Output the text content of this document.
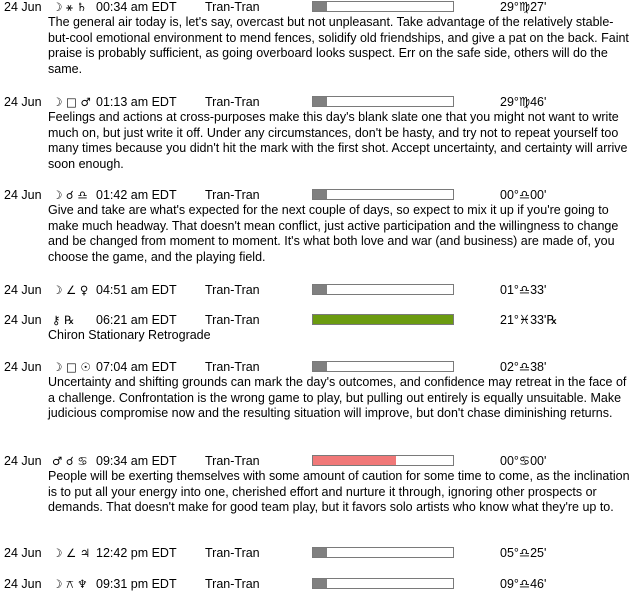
24 Jun ☽ ⚹ ♄ 00:34 am EDT Tran-Tran	29°♍27'
The general air today is, let's say, overcast but not unpleasant. Take advantage of the relatively stable-but-cool emotional environment to mend fences, solidify old friendships, and give a pat on the back. Faint praise is probably sufficient, as going overboard looks suspect. Err on the safe side, others will do the same.
24 Jun ☽ □ ♂ 01:13 am EDT Tran-Tran	29°♍46'
Feelings and actions at cross-purposes make this day's blank slate one that you might not want to write much on, but just write it off. Under any circumstances, don't be hasty, and try not to repeat yourself too many times because you didn't hit the mark with the first shot. Accept uncertainty, and certainty will arrive soon enough.
24 Jun ☽ ☌ ♎ 01:42 am EDT Tran-Tran	00°♎00'
Give and take are what's expected for the next couple of days, so expect to mix it up if you're going to make much headway. That doesn't mean conflict, just active participation and the willingness to change and be changed from moment to moment. It's what both love and war (and business) are made of, you choose the game, and the playing field.
24 Jun ☽ ∠ ♀ 04:51 am EDT Tran-Tran	01°♎33'
24 Jun ⚷ ℞ 06:21 am EDT Tran-Tran	21°♓33'℞
Chiron Stationary Retrograde
24 Jun ☽ □ ☉ 07:04 am EDT Tran-Tran	02°♎38'
Uncertainty and shifting grounds can mark the day's outcomes, and confidence may retreat in the face of a challenge. Confrontation is the wrong game to play, but pulling out entirely is equally unsuitable. Make judicious compromise now and the resulting situation will improve, but don't chase diminishing returns.
24 Jun ♂ ☌ ♋ 09:34 am EDT Tran-Tran	00°♋00'
People will be exerting themselves with some amount of caution for some time to come, as the inclination is to put all your energy into one, cherished effort and nurture it through, ignoring other prospects or demands. That doesn't make for good team play, but it favors solo artists who know what they're up to.
24 Jun ☽ ∠ ♃ 12:42 pm EDT Tran-Tran	05°♎25'
24 Jun ☽ ⚻ ♆ 09:31 pm EDT Tran-Tran	09°♎46'
